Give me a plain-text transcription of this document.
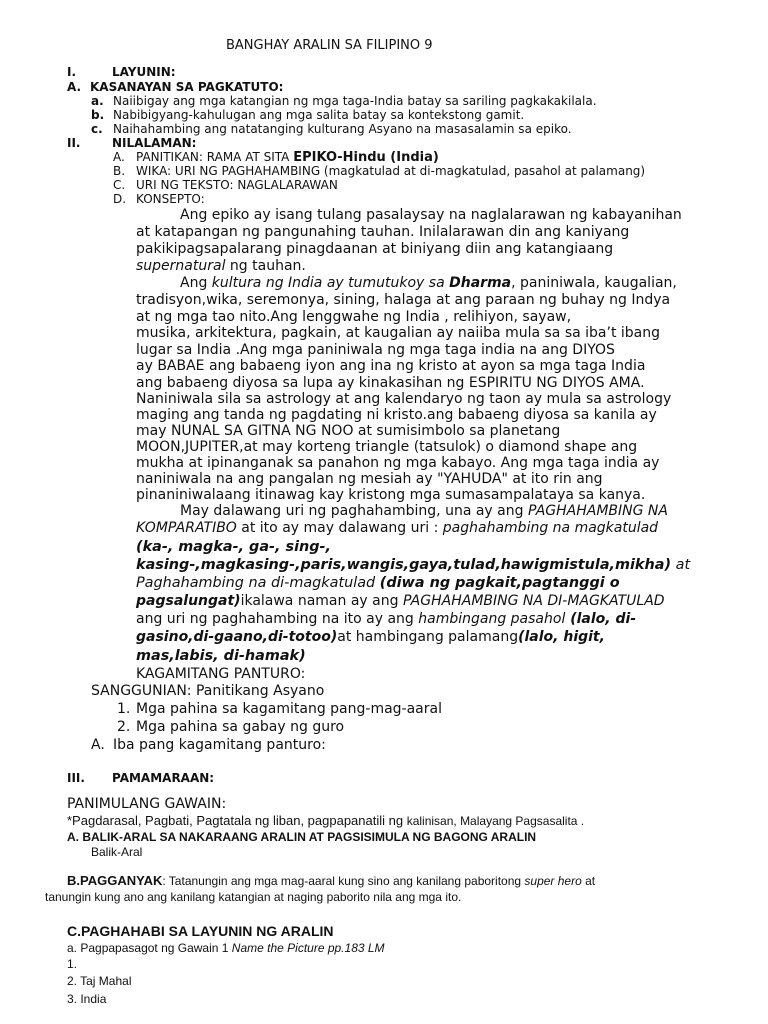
BANGHAY ARALIN SA FILIPINO 9
I.	LAYUNIN:
A. KASANAYAN SA PAGKATUTO:
a. Naiibigay ang mga katangian ng mga taga-India batay sa sariling pagkakakilala.
b. Nabibigyang-kahulugan ang mga salita batay sa kontekstong gamit.
c. Naihahambing ang natatanging kulturang Asyano na masasalamin sa epiko.
II.	NILALAMAN:
A. PANITIKAN: RAMA AT SITA EPIKO-Hindu (India)
B. WIKA: URI NG PAGHAHAMBING (magkatulad at di-magkatulad, pasahol at palamang)
C. URI NG TEKSTO: NAGLALARAWAN
D. KONSEPTO:
Ang epiko ay isang tulang pasalaysay na naglalarawan ng kabayanihan
at katapangan ng pangunahing tauhan. Inilalarawan din ang kaniyang
pakikipagsapalarang pinagdaanan at biniyang diin ang katangiaang
supernatural ng tauhan.
Ang kultura ng India ay tumutukoy sa Dharma, paniniwala, kaugalian,
tradisyon,wika, seremonya, sining, halaga at ang paraan ng buhay ng Indya
at ng mga tao nito.Ang lenggwahe ng India , relihiyon, sayaw,
musika, arkitektura, pagkain, at kaugalian ay naiiba mula sa sa iba’t ibang
lugar sa India .Ang mga paniniwala ng mga taga india na ang DIYOS
ay BABAE ang babaeng iyon ang ina ng kristo at ayon sa mga taga India
ang babaeng diyosa sa lupa ay kinakasihan ng ESPIRITU NG DIYOS AMA.
Naniniwala sila sa astrology at ang kalendaryo ng taon ay mula sa astrology
maging ang tanda ng pagdating ni kristo.ang babaeng diyosa sa kanila ay
may NUNAL SA GITNA NG NOO at sumisimbolo sa planetang
MOON,JUPITER,at may korteng triangle (tatsulok) o diamond shape ang
mukha at ipinanganak sa panahon ng mga kabayo. Ang mga taga india ay
naniniwala na ang pangalan ng mesiah ay "YAHUDA" at ito rin ang
pinaniniwalaang itinawag kay kristong mga sumasampalataya sa kanya.
May dalawang uri ng paghahambing, una ay ang PAGHAHAMBING NA
KOMPARATIBO at ito ay may dalawang uri : paghahambing na magkatulad
(ka-, magka-, ga-, sing-,
kasing-,magkasing-,paris,wangis,gaya,tulad,hawigmistula,mikha) at
Paghahambing na di-magkatulad (diwa ng pagkait,pagtanggi o
pagsalungat)ikalawa naman ay ang PAGHAHAMBING NA DI-MAGKATULAD
ang uri ng paghahambing na ito ay ang hambingang pasahol (lalo, di-
gasino,di-gaano,di-totoo)at hambingang palamang(lalo, higit,
mas,labis, di-hamak)
KAGAMITANG PANTURO:
SANGGUNIAN: Panitikang Asyano
1. Mga pahina sa kagamitang pang-mag-aaral
2. Mga pahina sa gabay ng guro
A. Iba pang kagamitang panturo:
III. PAMAMARAAN:
PANIMULANG GAWAIN:
*Pagdarasal, Pagbati, Pagtatala ng liban, pagpapanatili ng kalinisan, Malayang Pagsasalita .
A. BALIK-ARAL SA NAKARAANG ARALIN AT PAGSISIMULA NG BAGONG ARALIN
Balik-Aral
B.PAGGANYAK: Tatanungin ang mga mag-aaral kung sino ang kanilang paboritong super hero at
tanungin kung ano ang kanilang katangian at naging paborito nila ang mga ito.
C.PAGHAHABI SA LAYUNIN NG ARALIN
a. Pagpapasagot ng Gawain 1 Name the Picture pp.183 LM
1.
2. Taj Mahal
3. India
